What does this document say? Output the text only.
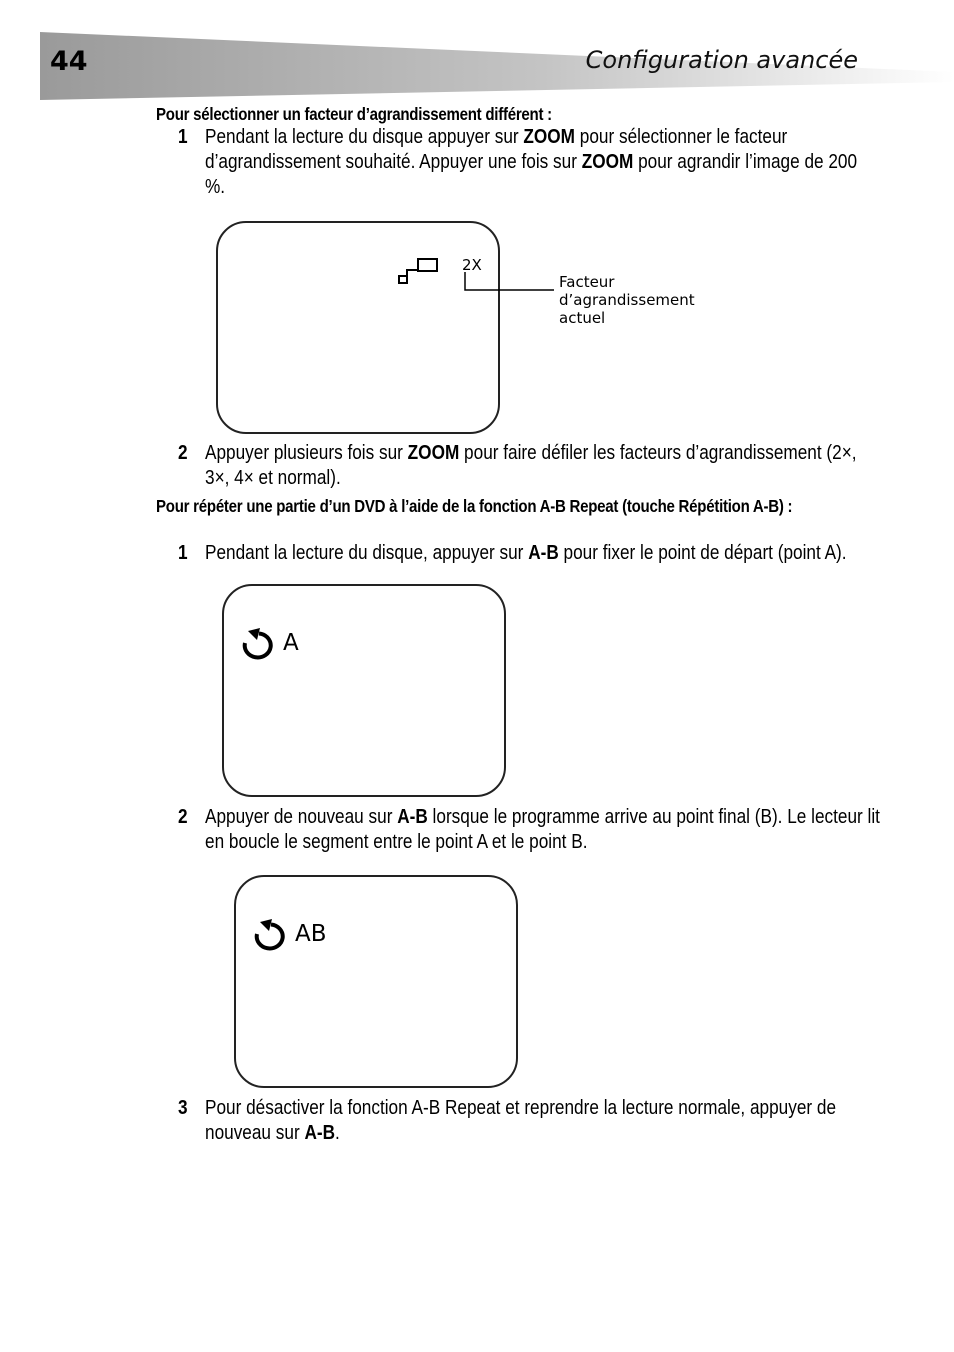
44	Configuration avancée
Pour sélectionner un facteur d’agrandissement différent :
1 Pendant la lecture du disque appuyer sur ZOOM pour sélectionner le facteur d’agrandissement souhaité. Appuyer une fois sur ZOOM pour agrandir l’image de 200 %.
2X
Facteur d’agrandissement actuel
2 Appuyer plusieurs fois sur ZOOM pour faire défiler les facteurs d’agrandissement (2×, 3×, 4× et normal).
Pour répéter une partie d’un DVD à l’aide de la fonction A-B Repeat (touche Répétition A-B) :
1 Pendant la lecture du disque, appuyer sur A-B pour fixer le point de départ (point A).
A
2 Appuyer de nouveau sur A-B lorsque le programme arrive au point final (B). Le lecteur lit en boucle le segment entre le point A et le point B.
AB
3 Pour désactiver la fonction A-B Repeat et reprendre la lecture normale, appuyer de nouveau sur A-B.
